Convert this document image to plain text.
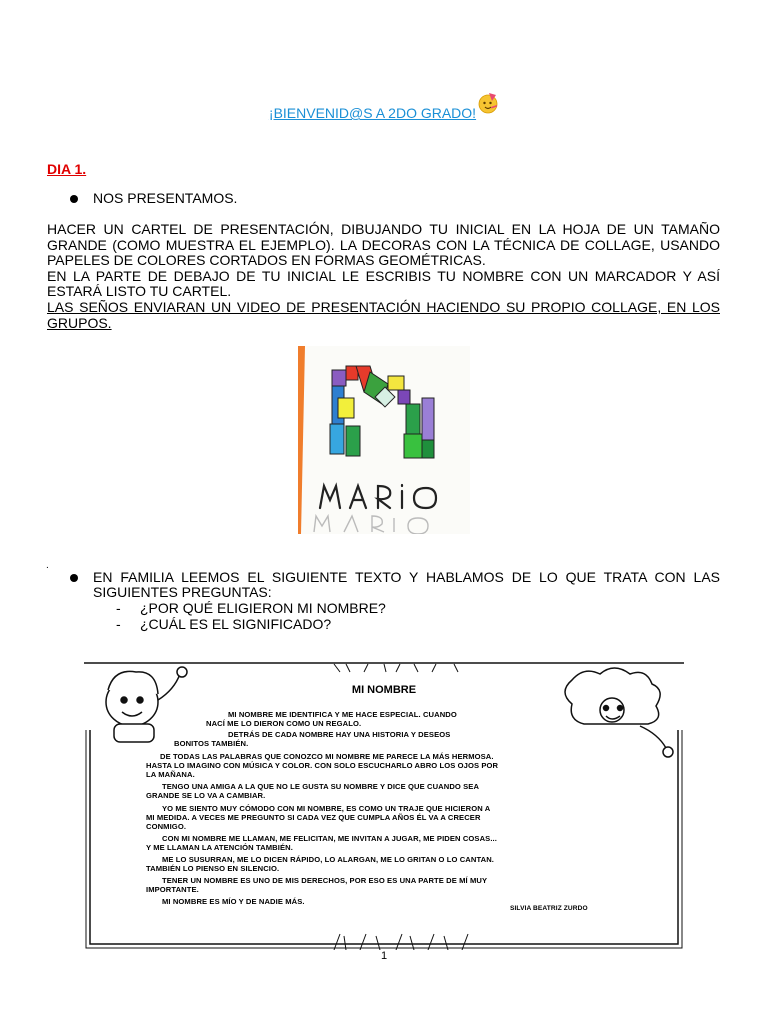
¡BIENVENID@S A 2DO GRADO!
DIA 1.
NOS PRESENTAMOS.
HACER UN CARTEL DE PRESENTACIÓN, DIBUJANDO TU INICIAL EN LA HOJA DE UN TAMAÑO
GRANDE (COMO MUESTRA EL EJEMPLO). LA DECORAS CON LA TÉCNICA DE COLLAGE, USANDO
PAPELES DE COLORES CORTADOS EN FORMAS GEOMÉTRICAS.
EN LA PARTE DE DEBAJO DE TU INICIAL LE ESCRIBIS TU NOMBRE CON UN MARCADOR Y ASÍ
ESTARÁ LISTO TU CARTEL.
LAS SEÑOS ENVIARAN UN VIDEO DE PRESENTACIÓN HACIENDO SU PROPIO COLLAGE, EN LOS
GRUPOS.
.
EN FAMILIA LEEMOS EL SIGUIENTE TEXTO Y HABLAMOS DE LO QUE TRATA CON LAS
SIGUIENTES PREGUNTAS:
- ¿POR QUÉ ELIGIERON MI NOMBRE?
- ¿CUÁL ES EL SIGNIFICADO?
MI NOMBRE

MI NOMBRE ME IDENTIFICA Y ME HACE ESPECIAL. CUANDO

NACÍ ME LO DIERON COMO UN REGALO.

DETRÁS DE CADA NOMBRE HAY UNA HISTORIA Y DESEOS

BONITOS TAMBIÉN.

DE TODAS LAS PALABRAS QUE CONOZCO MI NOMBRE ME PARECE LA MÁS HERMOSA.

HASTA LO IMAGINO CON MÚSICA Y COLOR. CON SOLO ESCUCHARLO ABRO LOS OJOS POR

LA MAÑANA.

TENGO UNA AMIGA A LA QUE NO LE GUSTA SU NOMBRE Y DICE QUE CUANDO SEA

GRANDE SE LO VA A CAMBIAR.

YO ME SIENTO MUY CÓMODO CON MI NOMBRE, ES COMO UN TRAJE QUE HICIERON A

MI MEDIDA. A VECES ME PREGUNTO SI CADA VEZ QUE CUMPLA AÑOS ÉL VA A CRECER

CONMIGO.

CON MI NOMBRE ME LLAMAN, ME FELICITAN, ME INVITAN A JUGAR, ME PIDEN COSAS...

Y ME LLAMAN LA ATENCIÓN TAMBIÉN.

ME LO SUSURRAN, ME LO DICEN RÁPIDO, LO ALARGAN, ME LO GRITAN O LO CANTAN.

TAMBIÉN LO PIENSO EN SILENCIO.

TENER UN NOMBRE ES UNO DE MIS DERECHOS, POR ESO ES UNA PARTE DE MÍ MUY

IMPORTANTE.

MI NOMBRE ES MÍO Y DE NADIE MÁS.

SILVIA BEATRIZ ZURDO

1
